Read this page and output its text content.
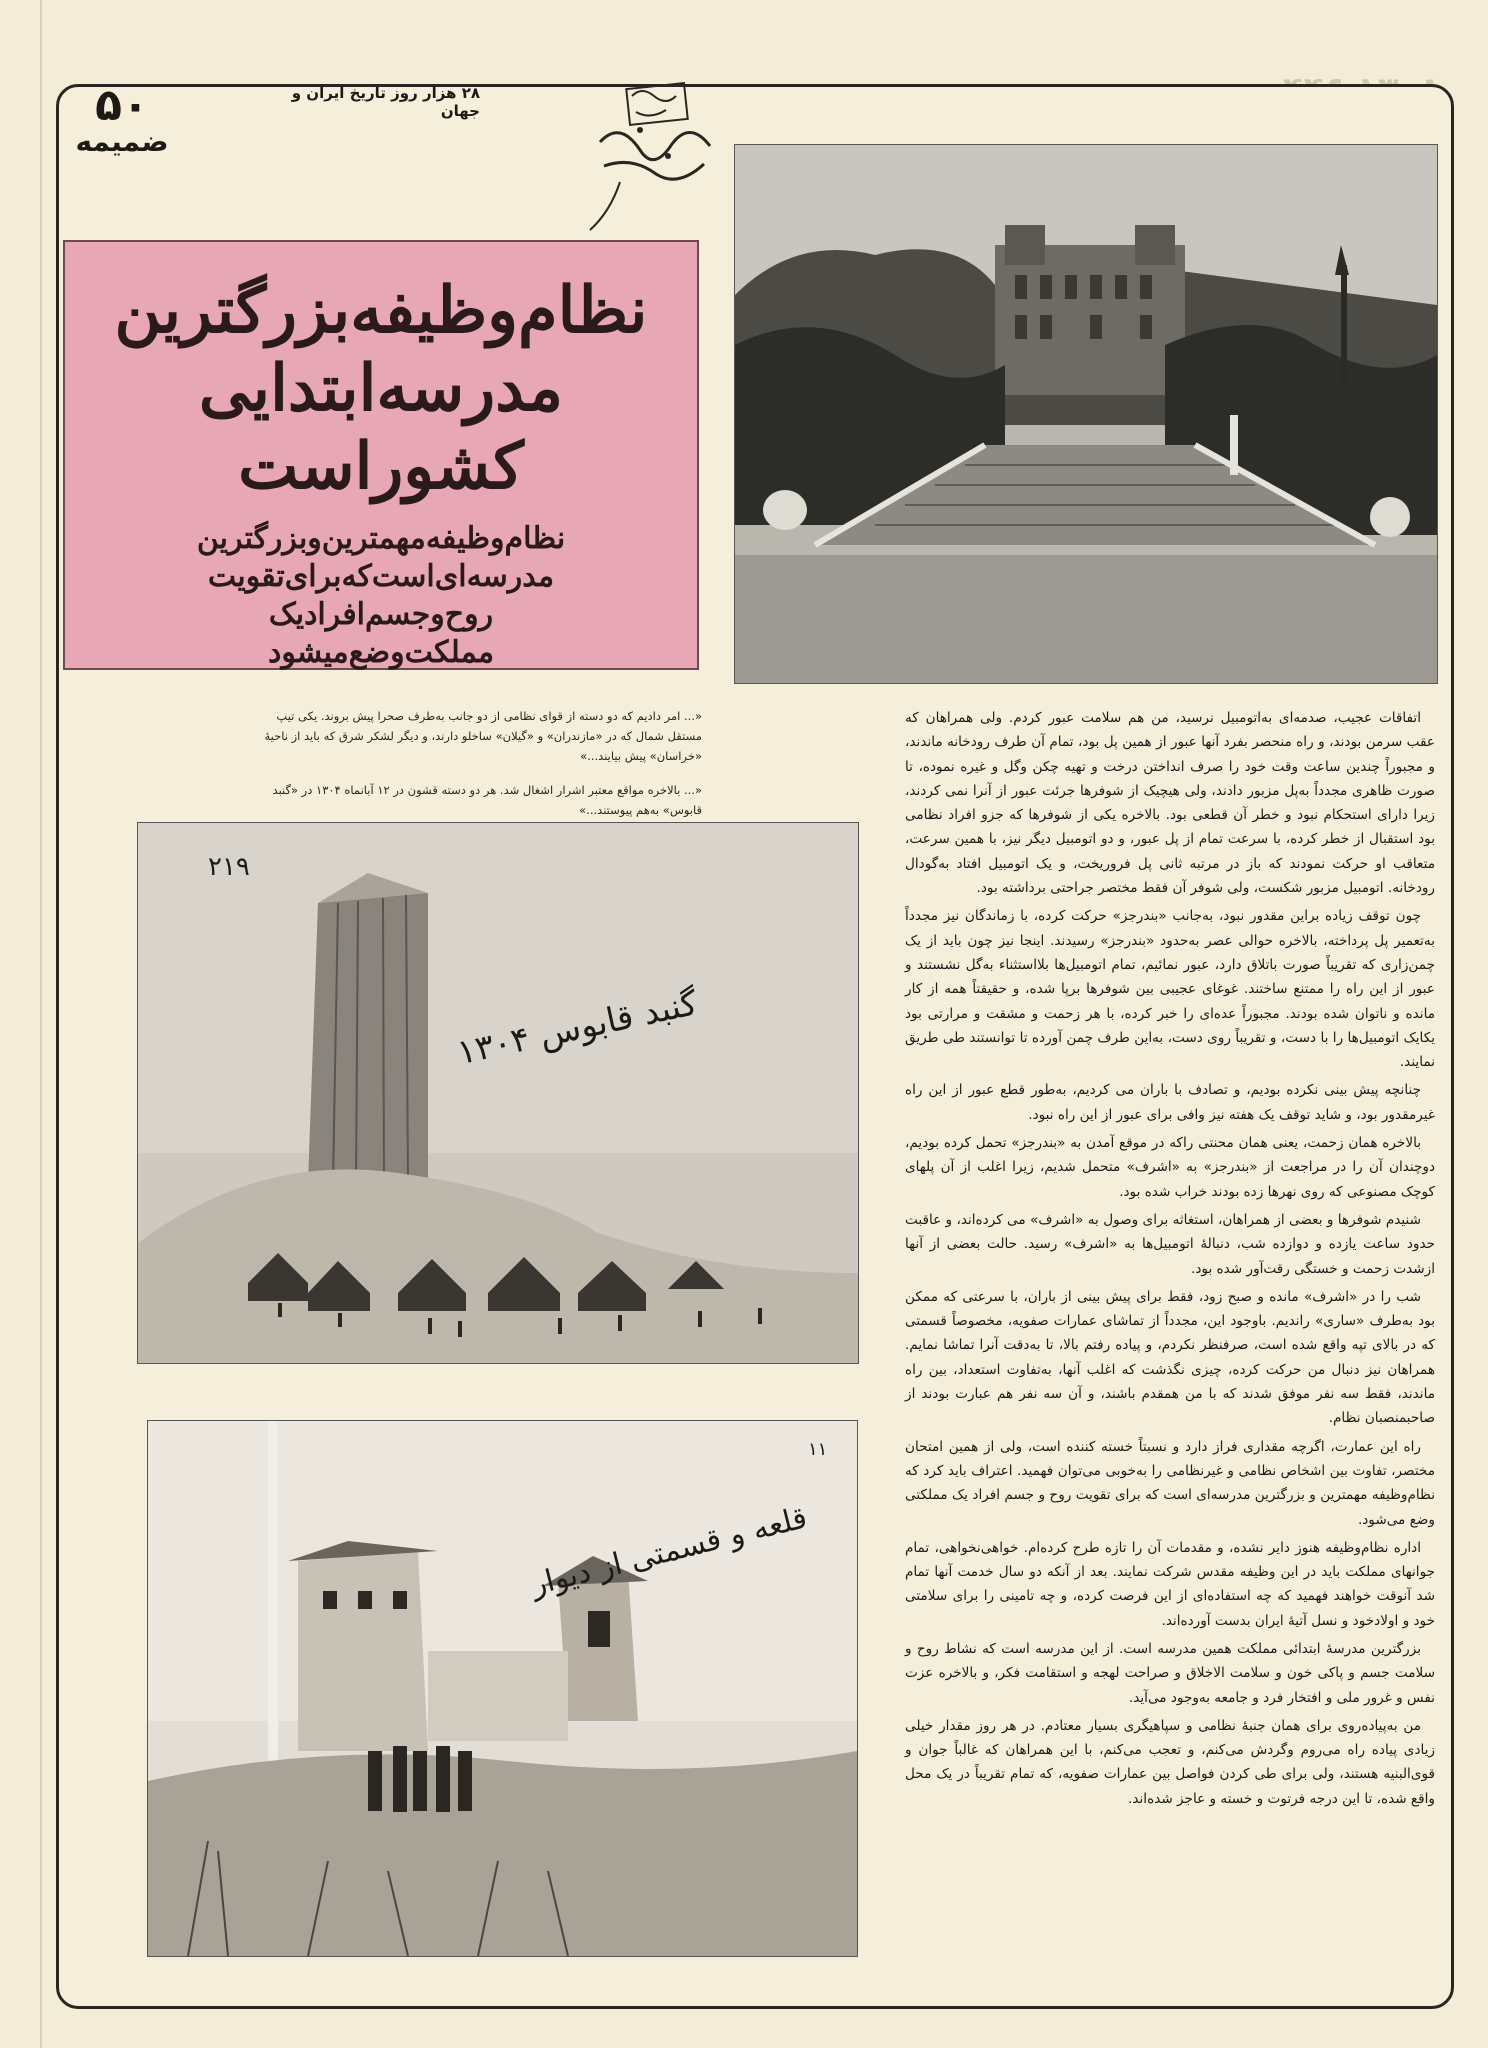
۲۸ هزار روز تاریخ ایران و جهان
۵۰
ضمیمه
نظام‌وظیفه‌بزرگترین
مدرسه‌ابتدایی
کشوراست
نظام‌وظیفه‌مهمترین‌وبزرگترین
مدرسه‌ای‌است‌که‌برای‌تقویت
روح‌وجسم‌افرادیک
مملکت‌وضع‌میشود
گنبد قابوس ۱۳۰۴
۲۱۹
قلعه و قسمتی از دیوار
۱۱
«... امر دادیم که دو دسته از قوای نظامی از دو جانب به‌طرف صحرا پیش بروند. یکی تیپ مستقل شمال که در «مازندران» و «گیلان» ساخلو دارند، و دیگر لشکر شرق که باید از ناحیهٔ «خراسان» پیش بیایند...»
«... بالاخره مواقع معتبر اشرار اشغال شد. هر دو دسته قشون در ۱۲ آبانماه ۱۳۰۴ در «گنبد قابوس» به‌هم پیوستند...»

اتفاقات عجیب، صدمه‌ای به‌اتومبیل نرسید، من هم سلامت عبور کردم. ولی همراهان که عقب سرمن بودند، و راه منحصر بفرد آنها عبور از همین پل بود، تمام آن طرف رودخانه ماندند، و مجبوراً چندین ساعت وقت خود را صرف انداختن درخت و تهیه چکن وگل و غیره نموده، تا صورت ظاهری مجدداً به‌پل مزبور دادند، ولی هیچیک از شوفرها جرئت عبور از آنرا نمی کردند، زیرا دارای استحکام نبود و خطر آن قطعی بود. بالاخره یکی از شوفرها که جزو افراد نظامی بود استقبال از خطر کرده، با سرعت تمام از پل عبور، و دو اتومبیل دیگر نیز، با همین سرعت، متعاقب او حرکت نمودند که باز در مرتبه ثانی پل فروریخت، و یک اتومبیل افتاد به‌گودال رودخانه. اتومبیل مزبور شکست، ولی شوفر آن فقط مختصر جراحتی برداشته بود.

چون توقف زیاده براین مقدور نبود، به‌جانب «بندرجز» حرکت کرده، با زماندگان نیز مجدداً به‌تعمیر پل پرداخته، بالاخره حوالی عصر به‌حدود «بندرجز» رسیدند. اینجا نیز چون باید از یک چمن‌زاری که تقریباً صورت باتلاق دارد، عبور نمائیم، تمام اتومبیل‌ها بلااستثناء به‌گل نشستند و عبور از این راه را ممتنع ساختند. غوغای عجیبی بین شوفرها برپا شده، و حقیقتاً همه از کار مانده و ناتوان شده بودند. مجبوراً عده‌ای را خبر کرده، با هر زحمت و مشقت و مرارتی بود یکایک اتومبیل‌ها را با دست، و تقریباً روی دست، به‌این طرف چمن آورده تا توانستند طی طریق نمایند.

چنانچه پیش بینی نکرده بودیم، و تصادف با باران می کردیم، به‌طور قطع عبور از این راه غیرمقدور بود، و شاید توقف یک هفته نیز وافی برای عبور از این راه نبود.

بالاخره همان زحمت، یعنی همان محنتی راکه در موقع آمدن به «بندرجز» تحمل کرده بودیم، دوچندان آن را در مراجعت از «بندرجز» به «اشرف» متحمل شدیم، زیرا اغلب از آن پلهای کوچک مصنوعی که روی نهرها زده بودند خراب شده بود.

شنیدم شوفرها و بعضی از همراهان، استغاثه برای وصول به «اشرف» می کرده‌اند، و عاقبت حدود ساعت یازده و دوازده شب، دنبالهٔ اتومبیل‌ها به «اشرف» رسید. حالت بعضی از آنها ازشدت زحمت و خستگی رقت‌آور شده بود.

شب را در «اشرف» مانده و صبح زود، فقط برای پیش بینی از باران، با سرعتی که ممکن بود به‌طرف «ساری» راندیم. باوجود این، مجدداً از تماشای عمارات صفویه، مخصوصاً قسمتی که در بالای تپه واقع شده است، صرفنظر نکردم، و پیاده رفتم بالا، تا به‌دقت آنرا تماشا نمایم. همراهان نیز دنبال من حرکت کرده، چیزی نگذشت که اغلب آنها، به‌تفاوت استعداد، بین راه ماندند، فقط سه نفر موفق شدند که با من همقدم باشند، و آن سه نفر هم عبارت بودند از صاحبمنصبان نظام.

راه این عمارت، اگرچه مقداری فراز دارد و نسبتاً خسته کننده است، ولی از همین امتحان مختصر، تفاوت بین اشخاص نظامی و غیرنظامی را به‌خوبی می‌توان فهمید. اعتراف باید کرد که نظام‌وظیفه مهمترین و بزرگترین مدرسه‌ای است که برای تقویت روح و جسم افراد یک مملکتی وضع می‌شود.

اداره نظام‌وظیفه هنوز دایر نشده، و مقدمات آن را تازه طرح کرده‌ام. خواهی‌نخواهی، تمام جوانهای مملکت باید در این وظیفه مقدس شرکت نمایند. بعد از آنکه دو سال خدمت آنها تمام شد آنوقت خواهند فهمید که چه استفاده‌ای از این فرصت کرده، و چه تامینی را برای سلامتی خود و اولادخود و نسل آتیهٔ ایران بدست آورده‌اند.

بزرگترین مدرسهٔ ابتدائی مملکت همین مدرسه است. از این مدرسه است که نشاط روح و سلامت جسم و پاکی خون و سلامت الاخلاق و صراحت لهجه و استقامت فکر، و بالاخره عزت نفس و غرور ملی و افتخار فرد و جامعه به‌وجود می‌آید.

من به‌پیاده‌روی برای همان جنبهٔ نظامی و سپاهیگری بسیار معتادم. در هر روز مقدار خیلی زیادی پیاده راه می‌روم وگردش می‌کنم، و تعجب می‌کنم، با این همراهان که غالباً جوان و قوی‌البنیه هستند، ولی برای طی کردن فواصل بین عمارات صفویه، که تمام تقریباً در یک محل واقع شده، تا این درجه فرتوت و خسته و عاجز شده‌اند.
